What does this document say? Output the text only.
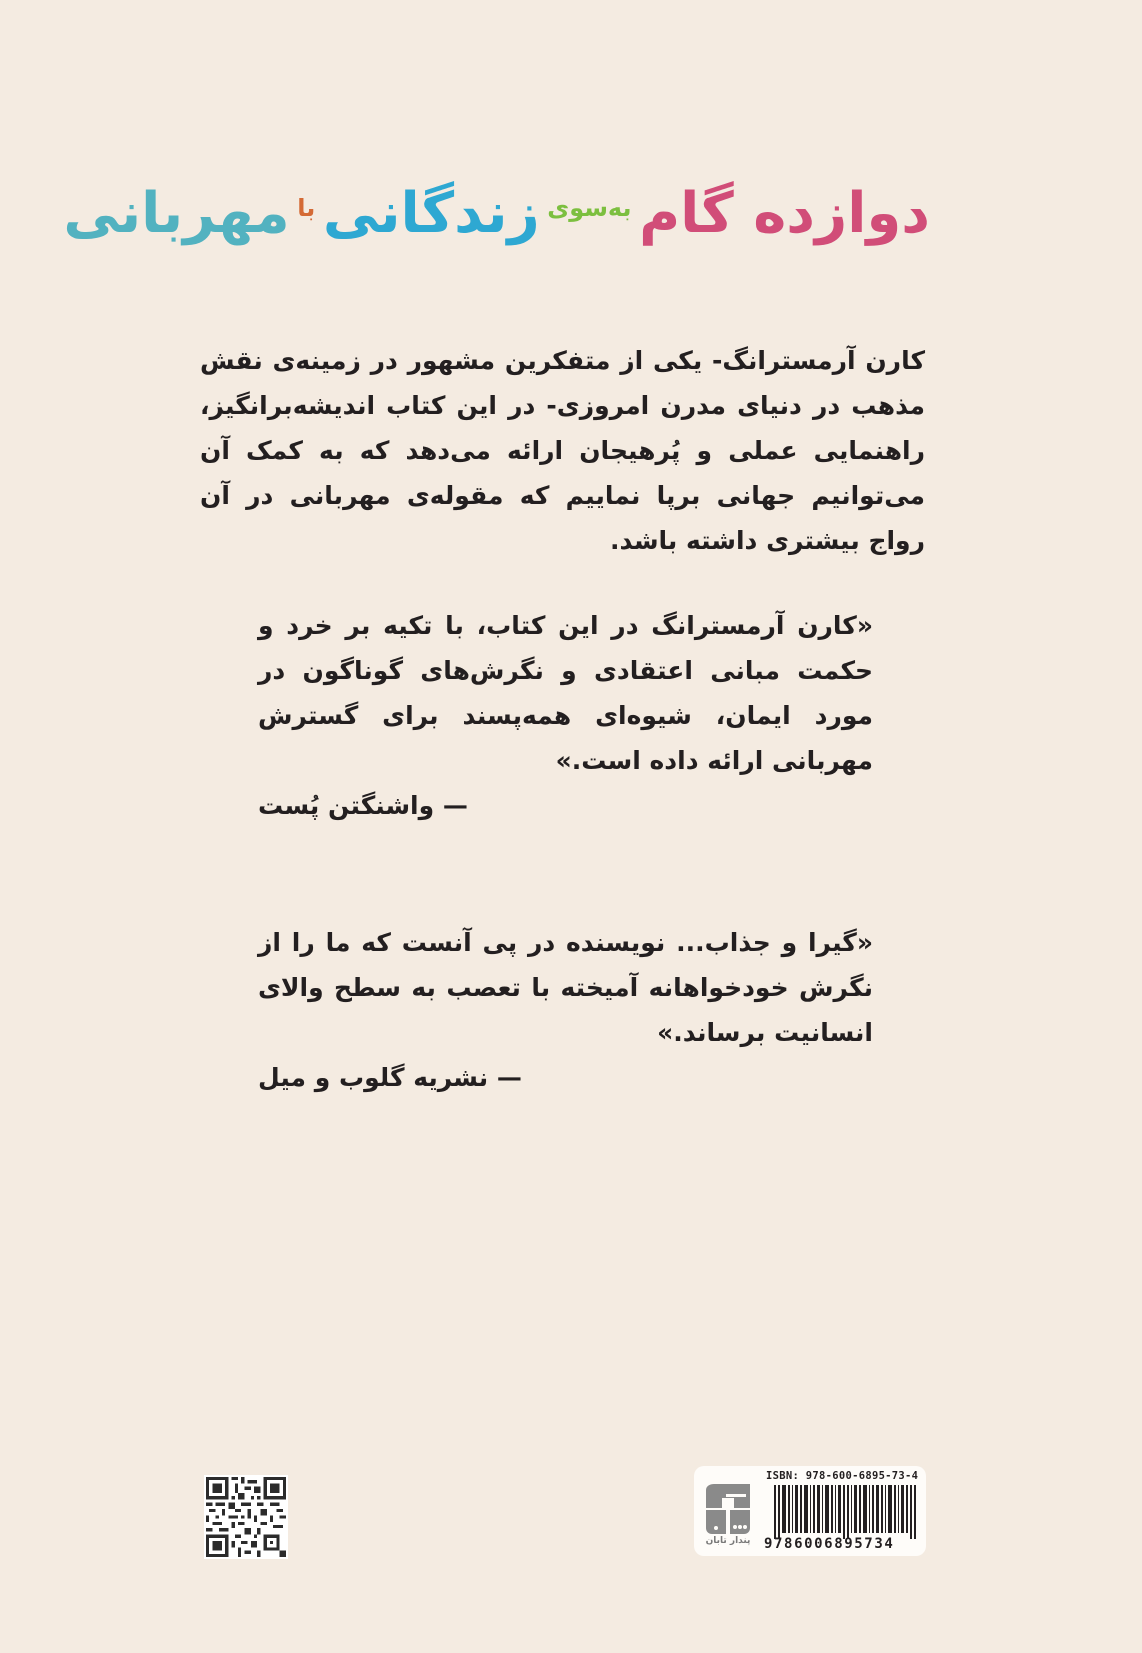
دوازده گام به‌سوی زندگانی با مهربانی
کارن آرمسترانگ- یکی از متفکرین مشهور در زمینه‌ی نقش مذهب در دنیای مدرن امروزی- در این کتاب اندیشه‌برانگیز، راهنمایی عملی و پُرهیجان ارائه می‌دهد که به کمک آن می‌توانیم جهانی برپا نماییم که مقوله‌ی مهربانی در آن رواج بیشتری داشته باشد.
«کارن آرمسترانگ در این کتاب، با تکیه بر خرد و حکمت مبانی اعتقادی و نگرش‌های گوناگون در مورد ایمان، شیوه‌ای همه‌پسند برای گسترش مهربانی ارائه داده است.»
— واشنگتن پُست
«گیرا و جذاب... نویسنده در پی آنست که ما را از نگرش خودخواهانه آمیخته با تعصب به سطح والای انسانیت برساند.»
— نشریه گلوب و میل
پندار تابان
ISBN: 978-600-6895-73-4
9786006895734
